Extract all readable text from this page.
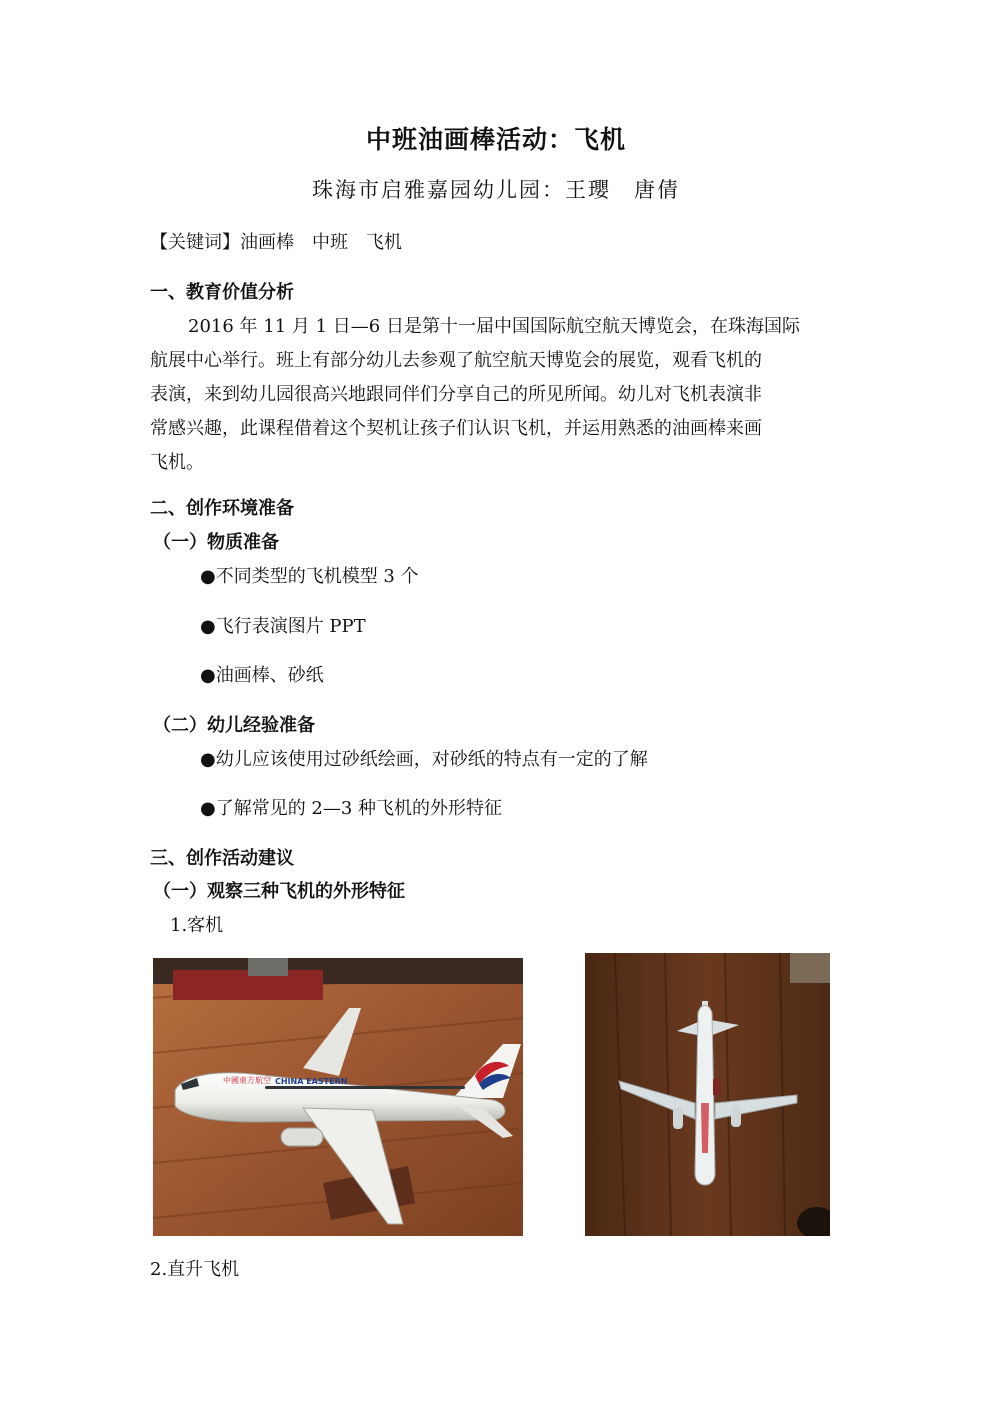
中班油画棒活动：飞机
珠海市启雅嘉园幼儿园：王瓔　唐倩
【关键词】油画棒　中班　飞机
一、教育价值分析
2016 年 11 月 1 日—6 日是第十一届中国国际航空航天博览会，在珠海国际
航展中心举行。班上有部分幼儿去参观了航空航天博览会的展览，观看飞机的
表演，来到幼儿园很高兴地跟同伴们分享自己的所见所闻。幼儿对飞机表演非
常感兴趣，此课程借着这个契机让孩子们认识飞机，并运用熟悉的油画棒来画
飞机。
二、创作环境准备
（一）物质准备
●不同类型的飞机模型 3 个
●飞行表演图片 PPT
●油画棒、砂纸
（二）幼儿经验准备
●幼儿应该使用过砂纸绘画，对砂纸的特点有一定的了解
●了解常见的 2—3 种飞机的外形特征
三、创作活动建议
（一）观察三种飞机的外形特征
1.客机
中國東方航空 CHINA EASTERN
2.直升飞机
